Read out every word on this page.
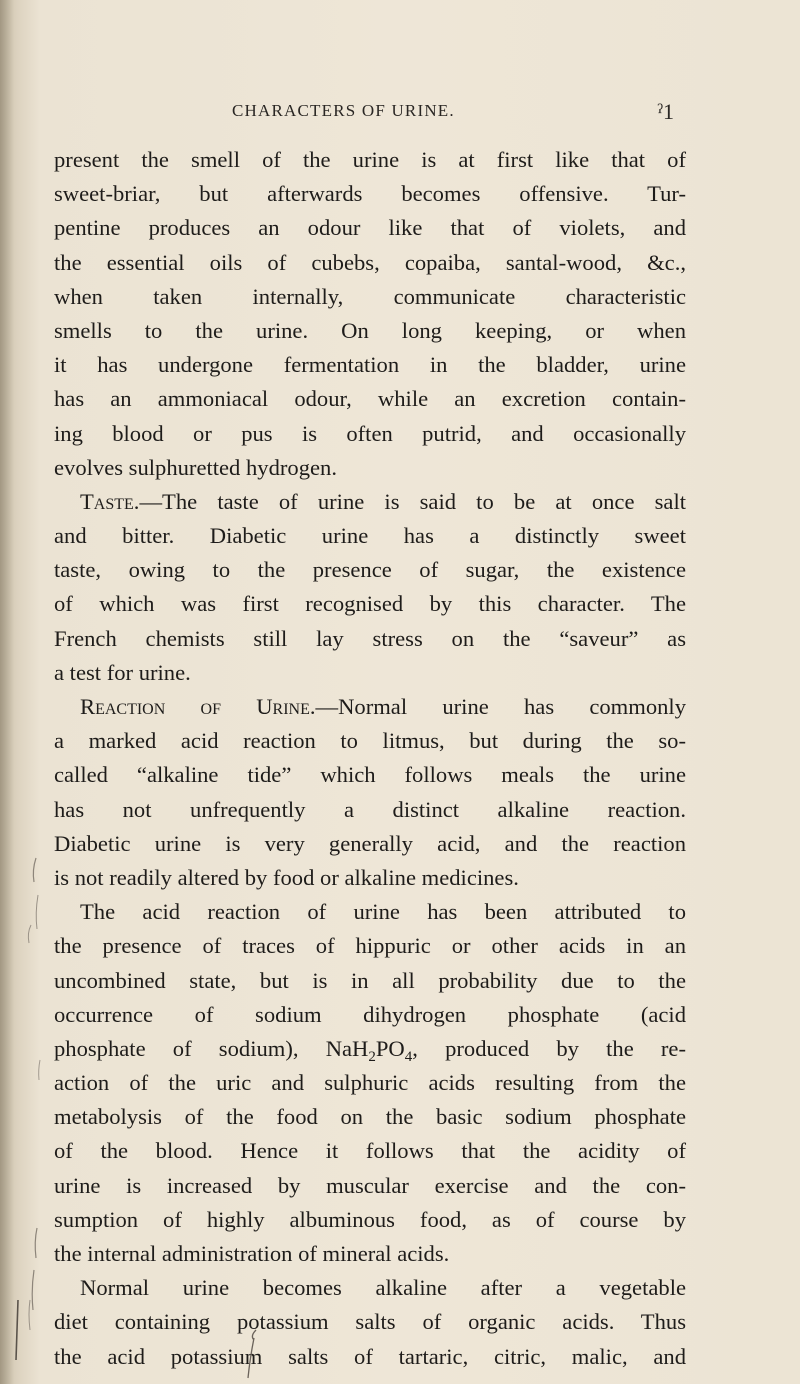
CHARACTERS OF URINE.	ˀ1
present the smell of the urine is at first like that of
sweet-briar, but afterwards becomes offensive. Tur-
pentine produces an odour like that of violets, and
the essential oils of cubebs, copaiba, santal-wood, &c.,
when taken internally, communicate characteristic
smells to the urine. On long keeping, or when
it has undergone fermentation in the bladder, urine
has an ammoniacal odour, while an excretion contain-
ing blood or pus is often putrid, and occasionally
evolves sulphuretted hydrogen.
Taste.—The taste of urine is said to be at once salt
and bitter. Diabetic urine has a distinctly sweet
taste, owing to the presence of sugar, the existence
of which was first recognised by this character. The
French chemists still lay stress on the “saveur” as
a test for urine.
Reaction of Urine.—Normal urine has commonly
a marked acid reaction to litmus, but during the so-
called “alkaline tide” which follows meals the urine
has not unfrequently a distinct alkaline reaction.
Diabetic urine is very generally acid, and the reaction
is not readily altered by food or alkaline medicines.
The acid reaction of urine has been attributed to
the presence of traces of hippuric or other acids in an
uncombined state, but is in all probability due to the
occurrence of sodium dihydrogen phosphate (acid
phosphate of sodium), $NaH_2PO_4$, produced by the re-
action of the uric and sulphuric acids resulting from the
metabolysis of the food on the basic sodium phosphate
of the blood. Hence it follows that the acidity of
urine is increased by muscular exercise and the con-
sumption of highly albuminous food, as of course by
the internal administration of mineral acids.
Normal urine becomes alkaline after a vegetable
diet containing potassium salts of organic acids. Thus
the acid potassium salts of tartaric, citric, malic, and
